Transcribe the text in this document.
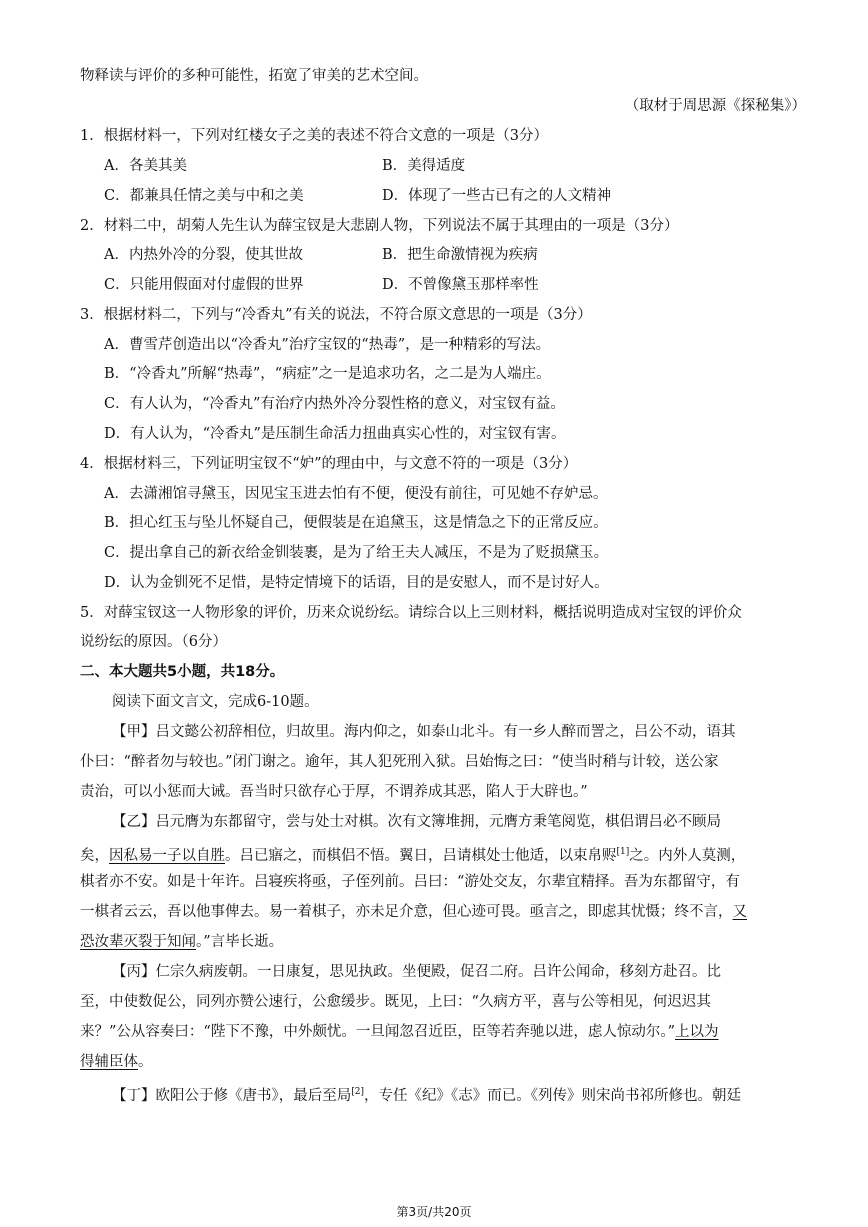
物释读与评价的多种可能性，拓宽了审美的艺术空间。
（取材于周思源《探秘集》）
1．根据材料一，下列对红楼女子之美的表述不符合文意的一项是（3分）
A．各美其美	B．美得适度
C．都兼具任情之美与中和之美	D．体现了一些古已有之的人文精神
2．材料二中，胡菊人先生认为薛宝钗是大悲剧人物，下列说法不属于其理由的一项是（3分）
A．内热外冷的分裂，使其世故	B．把生命激情视为疾病
C．只能用假面对付虚假的世界	D．不曾像黛玉那样率性
3．根据材料二，下列与“冷香丸”有关的说法，不符合原文意思的一项是（3分）
A．曹雪芹创造出以“冷香丸”治疗宝钗的“热毒”，是一种精彩的写法。
B．“冷香丸”所解“热毒”，“病症”之一是追求功名，之二是为人端庄。
C．有人认为，“冷香丸”有治疗内热外冷分裂性格的意义，对宝钗有益。
D．有人认为，“冷香丸”是压制生命活力扭曲真实心性的，对宝钗有害。
4．根据材料三，下列证明宝钗不“妒”的理由中，与文意不符的一项是（3分）
A．去潇湘馆寻黛玉，因见宝玉进去怕有不便，便没有前往，可见她不存妒忌。
B．担心红玉与坠儿怀疑自己，便假装是在追黛玉，这是情急之下的正常反应。
C．提出拿自己的新衣给金钏装裹，是为了给王夫人减压，不是为了贬损黛玉。
D．认为金钏死不足惜，是特定情境下的话语，目的是安慰人，而不是讨好人。
5．对薛宝钗这一人物形象的评价，历来众说纷纭。请综合以上三则材料，概括说明造成对宝钗的评价众
说纷纭的原因。（6分）
二、本大题共5小题，共18分。
阅读下面文言文，完成6-10题。
【甲】吕文懿公初辞相位，归故里。海内仰之，如泰山北斗。有一乡人醉而詈之，吕公不动，语其
仆曰：“醉者勿与较也。”闭门谢之。逾年，其人犯死刑入狱。吕始悔之曰：“使当时稍与计较，送公家
责治，可以小惩而大诫。吾当时只欲存心于厚，不谓养成其恶，陷人于大辟也。”
【乙】吕元膺为东都留守，尝与处士对棋。次有文簿堆拥，元膺方秉笔阅览，棋侣谓吕必不顾局
矣，因私易一子以自胜。吕已寤之，而棋侣不悟。翼日，吕请棋处士他适，以束帛赆[1]之。内外人莫测，
棋者亦不安。如是十年许。吕寝疾将亟，子侄列前。吕曰：“游处交友，尔辈宜精择。吾为东都留守，有
一棋者云云，吾以他事俾去。易一着棋子，亦未足介意，但心迹可畏。亟言之，即虑其忧慑；终不言，又
恐汝辈灭裂于知闻。”言毕长逝。
【丙】仁宗久病废朝。一日康复，思见执政。坐便殿，促召二府。吕许公闻命，移刻方赴召。比
至，中使数促公，同列亦赞公速行，公愈缓步。既见，上曰：“久病方平，喜与公等相见，何迟迟其
来？”公从容奏曰：“陛下不豫，中外颇忧。一旦闻忽召近臣，臣等若奔驰以进，虑人惊动尔。”上以为
得辅臣体。
【丁】欧阳公于修《唐书》，最后至局[2]，专任《纪》《志》而已。《列传》则宋尚书祁所修也。朝廷
第3页/共20页
